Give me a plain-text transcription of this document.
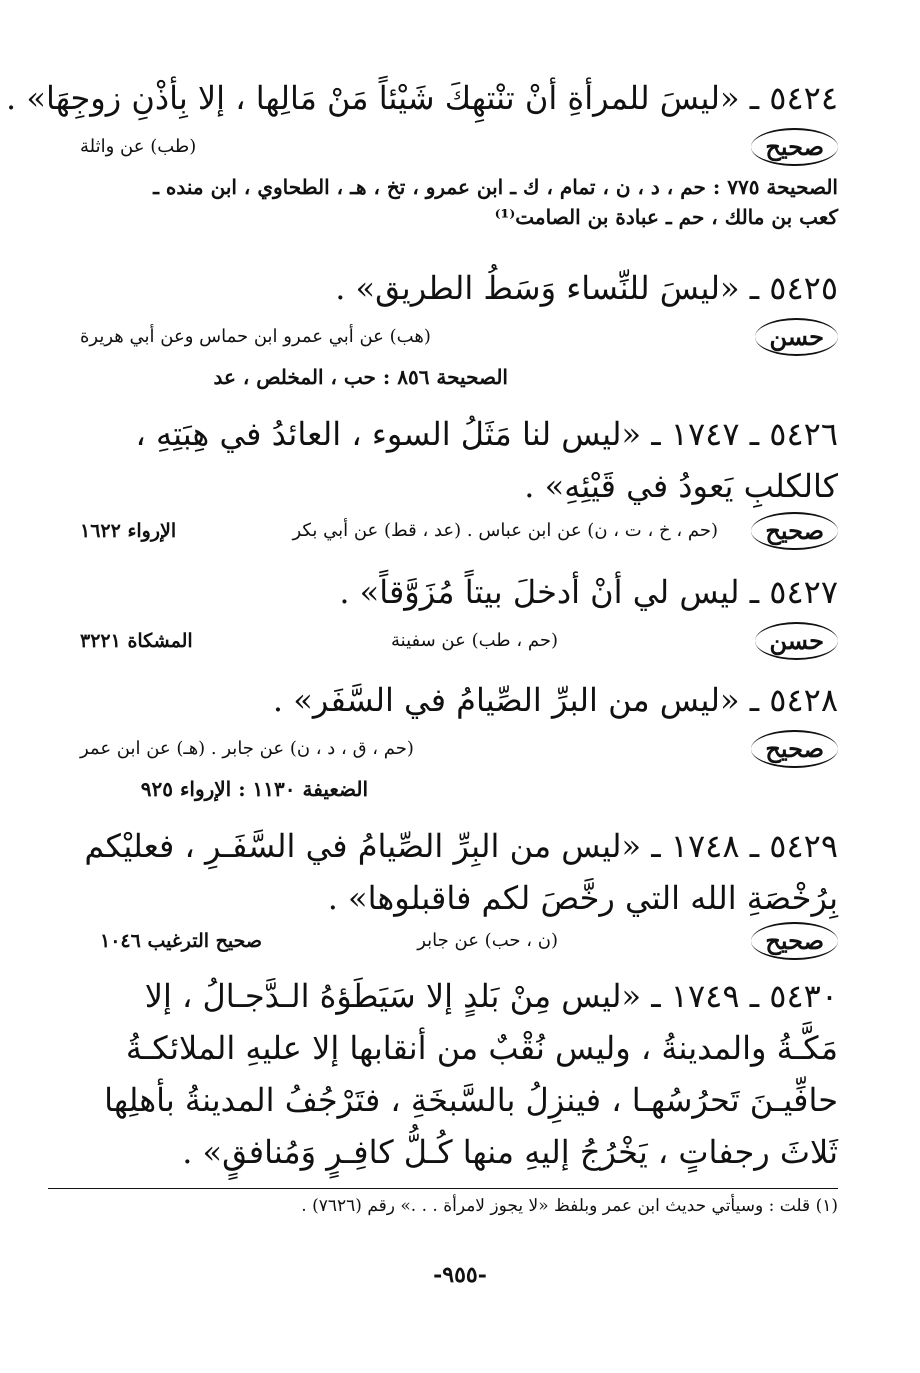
٥٤٢٤ ـ «ليسَ للمرأةِ أنْ تنْتهِكَ شَيْئاً مَنْ مَالِها ، إلا بِأذْنِ زوجِهَا» .
صحيح
(طب) عن واثلة
الصحيحة ٧٧٥ : حم ، د ، ن ، تمام ، ك ـ ابن عمرو ، تخ ، هـ ، الطحاوي ، ابن منده ـ
كعب بن مالك ، حم ـ عبادة بن الصامت⁽¹⁾
٥٤٢٥ ـ «ليسَ للنِّساء وَسَطُ الطريق» .
حسن
(هب) عن أبي عمرو ابن حماس وعن أبي هريرة
الصحيحة ٨٥٦ : حب ، المخلص ، عد
٥٤٢٦ ـ ١٧٤٧ ـ «ليس لنا مَثَلُ السوء ، العائدُ في هِبَتِهِ ، كالكلبِ يَعودُ في قَيْئِهِ» .
صحيح
(حم ، خ ، ت ، ن) عن ابن عباس . (عد ، قط) عن أبي بكر
الإرواء ١٦٢٢
٥٤٢٧ ـ ليس لي أنْ أدخلَ بيتاً مُزَوَّقاً» .
حسن
(حم ، طب) عن سفينة
المشكاة ٣٢٢١
٥٤٢٨ ـ «ليس من البرِّ الصِّيامُ في السَّفَر» .
صحيح
(حم ، ق ، د ، ن) عن جابر . (هـ) عن ابن عمر
الضعيفة ١١٣٠ : الإرواء ٩٢٥
٥٤٢٩ ـ ١٧٤٨ ـ «ليس من البِرِّ الصِّيامُ في السَّفَـرِ ، فعليْكم بِرُخْصَةِ الله التي رخَّصَ لكم فاقبلوها» .
صحيح
(ن ، حب) عن جابر
صحيح الترغيب ١٠٤٦
٥٤٣٠ ـ ١٧٤٩ ـ «ليس مِنْ بَلدٍ إلا سَيَطَؤهُ الـدَّجـالُ ، إلا مَكَّـةُ والمدينةُ ، وليس نُقْبٌ من أنقابها إلا عليهِ الملائكـةُ حافِّيـنَ تَحرُسُهـا ، فينزِلُ بالسَّبخَةِ ، فتَرْجُفُ المدينةُ بأهلِها ثَلاثَ رجفاتٍ ، يَخْرُجُ إليهِ منها كُـلُّ كافِـرٍ وَمُنافقٍ» .
(١) قلت : وسيأتي حديث ابن عمر وبلفظ «لا يجوز لامرأة . . .» رقم (٧٦٢٦) .
-٩٥٥-
